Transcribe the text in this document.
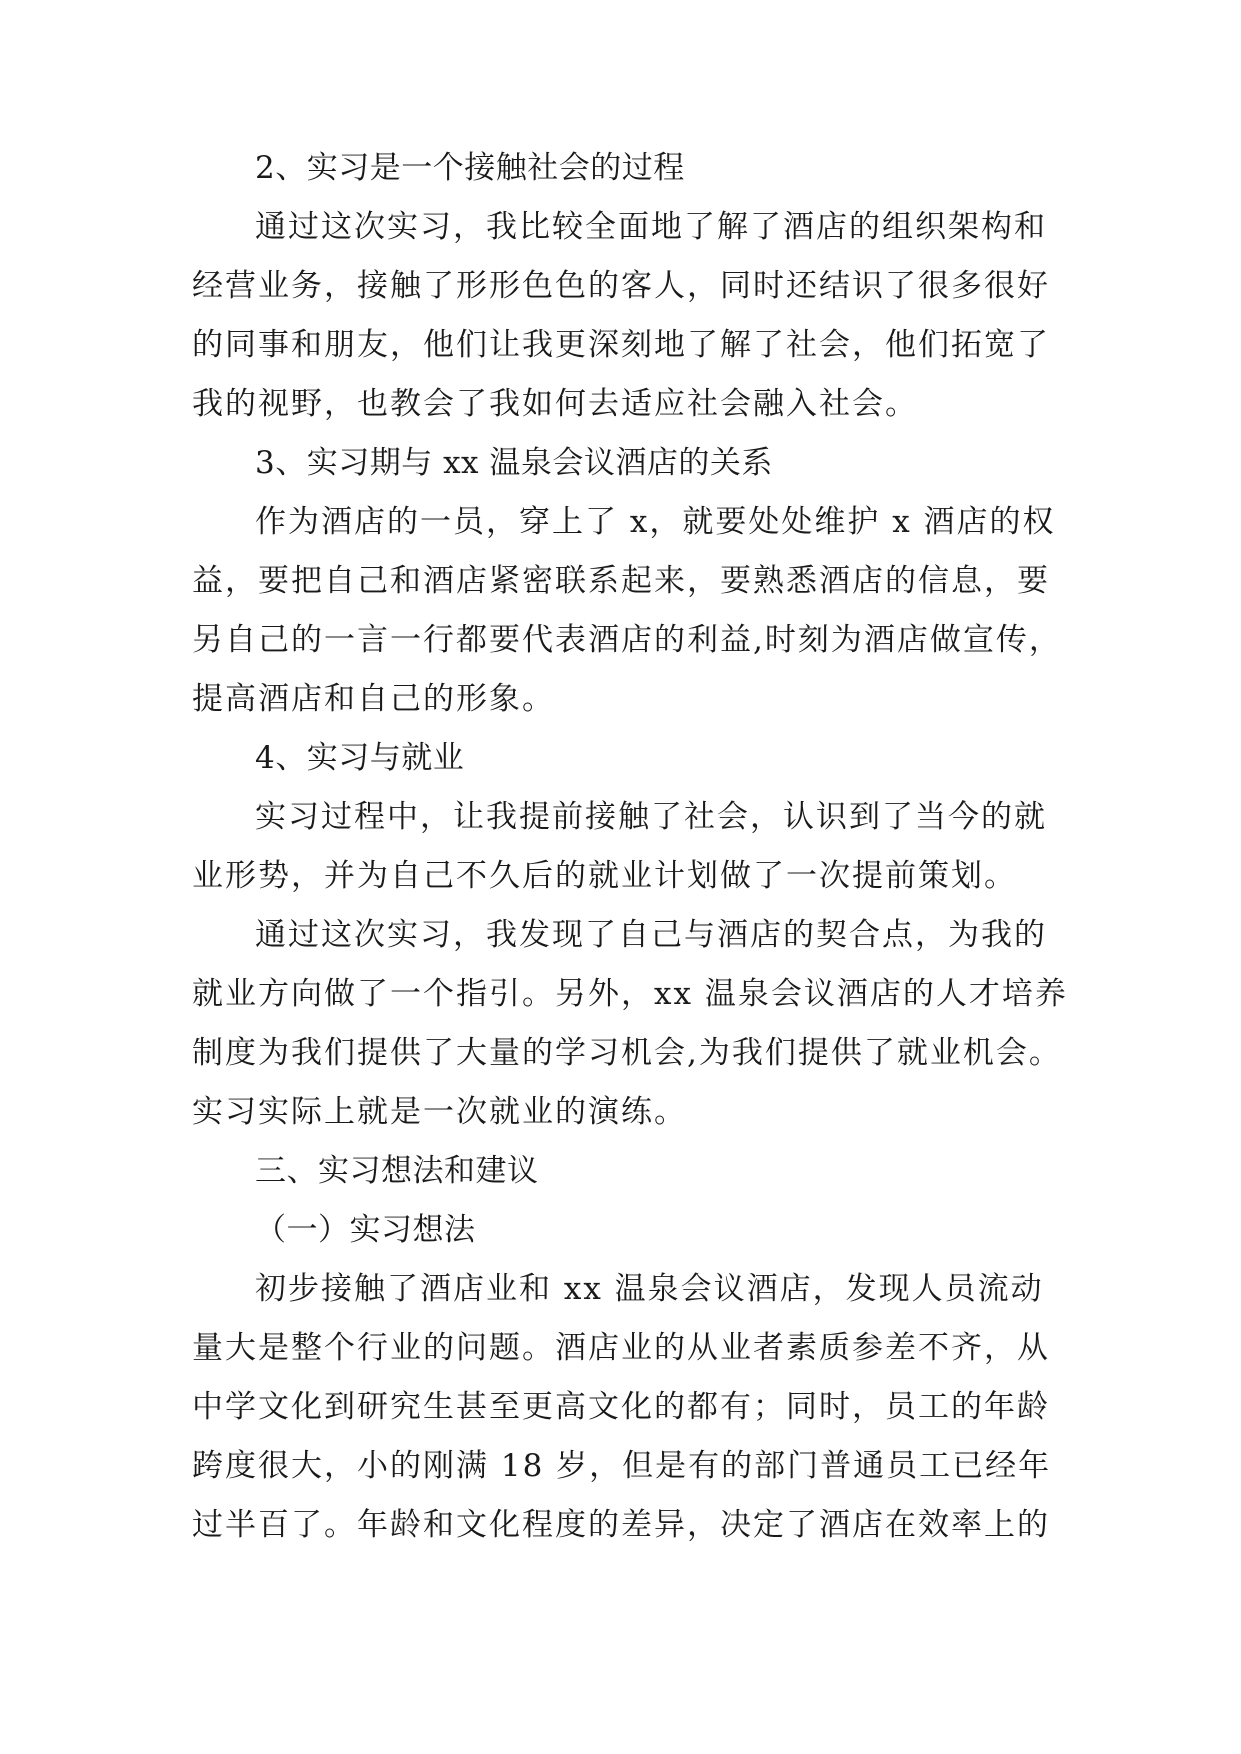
2、实习是一个接触社会的过程
通过这次实习，我比较全面地了解了酒店的组织架构和
经营业务，接触了形形色色的客人，同时还结识了很多很好
的同事和朋友，他们让我更深刻地了解了社会，他们拓宽了
我的视野，也教会了我如何去适应社会融入社会。
3、实习期与 xx 温泉会议酒店的关系
作为酒店的一员，穿上了 x，就要处处维护 x 酒店的权
益，要把自己和酒店紧密联系起来，要熟悉酒店的信息，要
另自己的一言一行都要代表酒店的利益,时刻为酒店做宣传，
提高酒店和自己的形象。
4、实习与就业
实习过程中，让我提前接触了社会，认识到了当今的就
业形势，并为自己不久后的就业计划做了一次提前策划。
通过这次实习，我发现了自己与酒店的契合点，为我的
就业方向做了一个指引。另外，xx 温泉会议酒店的人才培养
制度为我们提供了大量的学习机会,为我们提供了就业机会。
实习实际上就是一次就业的演练。
三、实习想法和建议
（一）实习想法
初步接触了酒店业和 xx 温泉会议酒店，发现人员流动
量大是整个行业的问题。酒店业的从业者素质参差不齐，从
中学文化到研究生甚至更高文化的都有；同时，员工的年龄
跨度很大，小的刚满 18 岁，但是有的部门普通员工已经年
过半百了。年龄和文化程度的差异，决定了酒店在效率上的
